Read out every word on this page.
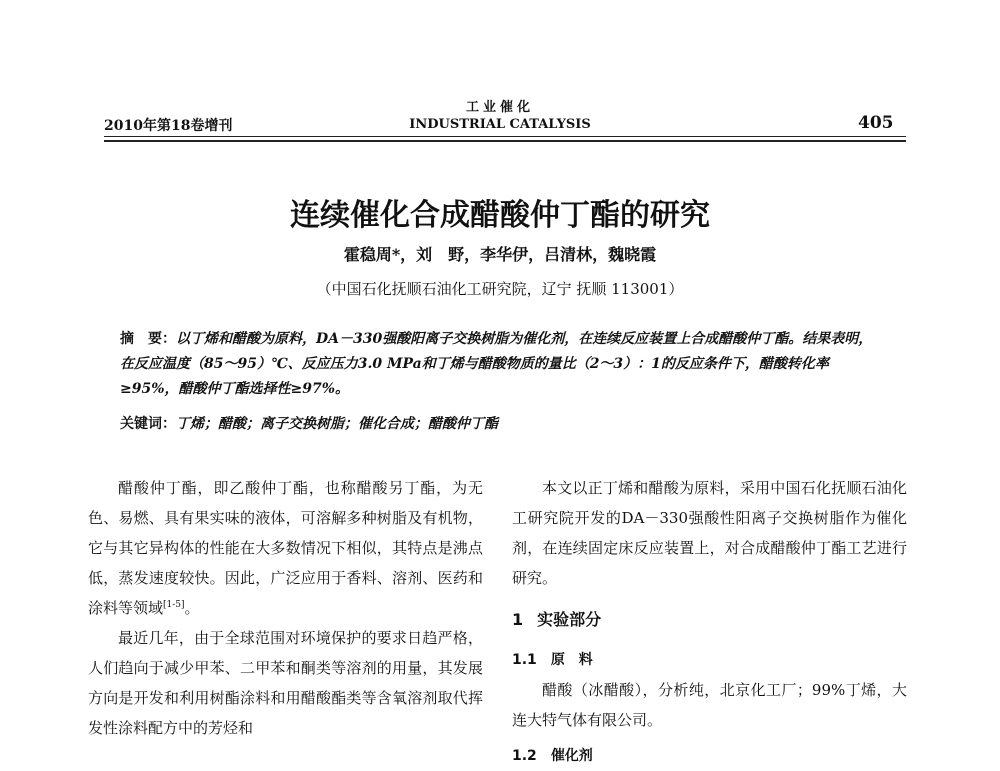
2010年第18卷增刊
工业催化
INDUSTRIAL CATALYSIS	405
连续催化合成醋酸仲丁酯的研究
霍稳周*，刘　野，李华伊，吕清林，魏晓霞
（中国石化抚顺石油化工研究院，辽宁 抚顺 113001）
摘　要：以丁烯和醋酸为原料，DA－330强酸阳离子交换树脂为催化剂，在连续反应装置上合成醋酸仲丁酯。结果表明，在反应温度（85～95）℃、反应压力3.0 MPa和丁烯与醋酸物质的量比（2～3）：1的反应条件下，醋酸转化率≥95%，醋酸仲丁酯选择性≥97%。
关键词：丁烯；醋酸；离子交换树脂；催化合成；醋酸仲丁酯

醋酸仲丁酯，即乙酸仲丁酯，也称醋酸另丁酯，为无色、易燃、具有果实味的液体，可溶解多种树脂及有机物，它与其它异构体的性能在大多数情况下相似，其特点是沸点低，蒸发速度较快。因此，广泛应用于香料、溶剂、医药和涂料等领域[1-5]。

最近几年，由于全球范围对环境保护的要求日趋严格，人们趋向于减少甲苯、二甲苯和酮类等溶剂的用量，其发展方向是开发和利用树酯涂料和用醋酸酯类等含氧溶剂取代挥发性涂料配方中的芳烃和

本文以正丁烯和醋酸为原料，采用中国石化抚顺石油化工研究院开发的DA－330强酸性阳离子交换树脂作为催化剂，在连续固定床反应装置上，对合成醋酸仲丁酯工艺进行研究。

1 实验部分
1.1 原　料

醋酸（冰醋酸），分析纯，北京化工厂；99%丁烯，大连大特气体有限公司。

1.2 催化剂
